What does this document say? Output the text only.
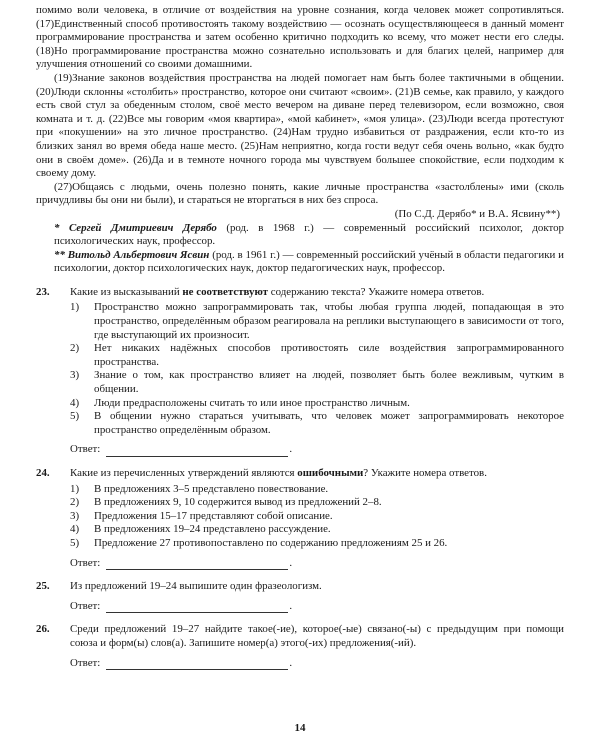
помимо воли человека, в отличие от воздействия на уровне сознания, когда человек может сопротивляться. (17)Единственный способ противостоять такому воздействию — осознать осуществляющееся в данный момент программирование пространства и затем особенно критично подходить ко всему, что может нести его следы. (18)Но программирование пространства можно сознательно использовать и для благих целей, например для улучшения отношений со своими домашними.

(19)Знание законов воздействия пространства на людей помогает нам быть более тактичными в общении. (20)Люди склонны «столбить» пространство, которое они считают «своим». (21)В семье, как правило, у каждого есть свой стул за обеденным столом, своё место вечером на диване перед телевизором, если возможно, своя комната и т. д. (22)Все мы говорим «моя квартира», «мой кабинет», «моя улица». (23)Люди всегда протестуют при «покушении» на это личное пространство. (24)Нам трудно избавиться от раздражения, если кто-то из близких занял во время обеда наше место. (25)Нам неприятно, когда гости ведут себя очень вольно, «как будто они в своём доме». (26)Да и в темноте ночного города мы чувствуем большее спокойствие, если подходим к своему дому.

(27)Общаясь с людьми, очень полезно понять, какие личные пространства «застолблены» ими (сколь причудливы бы они ни были), и стараться не вторгаться в них без спроса.

(По С.Д. Дерябо* и В.А. Ясвину**)

* Сергей Дмитриевич Дерябо (род. в 1968 г.) — современный российский психолог, доктор психологических наук, профессор.

** Витольд Альбертович Ясвин (род. в 1961 г.) — современный российский учёный в области педагогики и психологии, доктор психологических наук, доктор педагогических наук, профессор.

23.	Какие из высказываний не соответствуют содержанию текста? Укажите номера ответов.
1)	Пространство можно запрограммировать так, чтобы любая группа людей, попадающая в это пространство, определённым образом реагировала на реплики выступающего в зависимости от того, где выступающий их произносит.
2)	Нет никаких надёжных способов противостоять силе воздействия запрограммированного пространства.
3)	Знание о том, как пространство влияет на людей, позволяет быть более вежливым, чутким в общении.
4)	Люди предрасположены считать то или иное пространство личным.
5)	В общении нужно стараться учитывать, что человек может запрограммировать некоторое пространство определённым образом.
Ответ:	.
24.	Какие из перечисленных утверждений являются ошибочными? Укажите номера ответов.
1)	В предложениях 3–5 представлено повествование.
2)	В предложениях 9, 10 содержится вывод из предложений 2–8.
3)	Предложения 15–17 представляют собой описание.
4)	В предложениях 19–24 представлено рассуждение.
5)	Предложение 27 противопоставлено по содержанию предложениям 25 и 26.
Ответ:	.
25.	Из предложений 19–24 выпишите один фразеологизм.
Ответ:	.
26.	Среди предложений 19–27 найдите такое(-ие), которое(-ые) связано(-ы) с предыдущим при помощи союза и форм(ы) слов(а). Запишите номер(а) этого(-их) предложения(-ий).
Ответ:	.
14
